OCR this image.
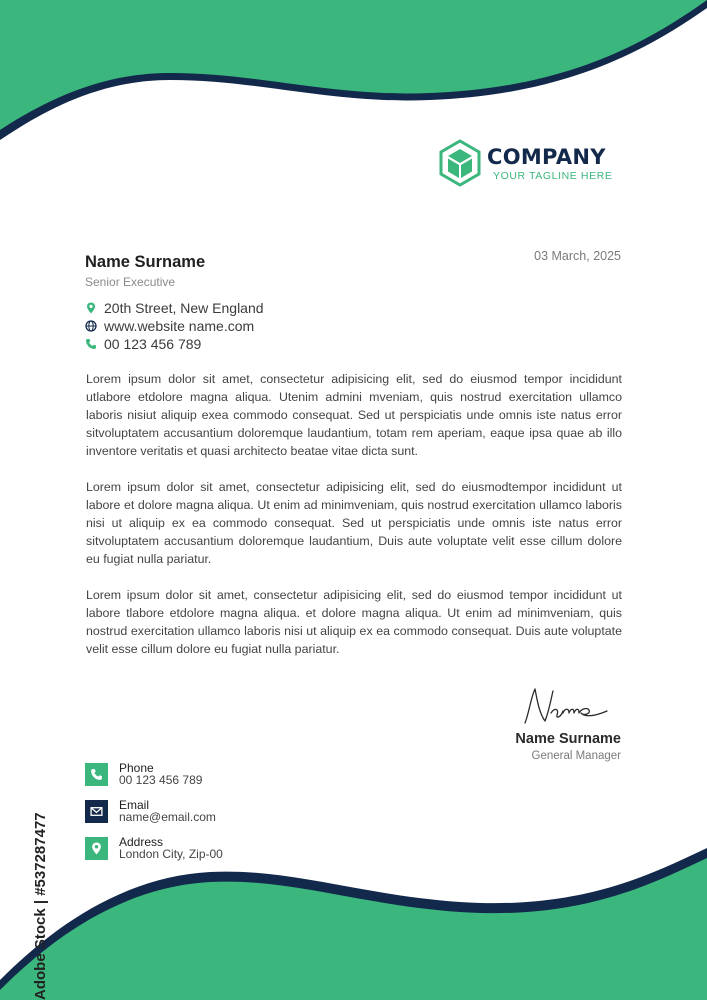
COMPANY
YOUR TAGLINE HERE
03 March, 2025
Name Surname
Senior Executive
20th Street, New England
www.website name.com
00 123 456 789

Lorem ipsum dolor sit amet, consectetur adipisicing elit, sed do eiusmod tempor incididunt utlabore etdolore magna aliqua. Utenim admini mveniam, quis nostrud exercitation ullamco laboris nisiut aliquip exea commodo consequat. Sed ut perspiciatis unde omnis iste natus error sitvoluptatem accusantium doloremque laudantium, totam rem aperiam, eaque ipsa quae ab illo inventore veritatis et quasi architecto beatae vitae dicta sunt.

Lorem ipsum dolor sit amet, consectetur adipisicing elit, sed do eiusmodtempor incididunt ut labore et dolore magna aliqua. Ut enim ad minimveniam, quis nostrud exercitation ullamco laboris nisi ut aliquip ex ea commodo consequat. Sed ut perspiciatis unde omnis iste natus error sitvoluptatem accusantium doloremque laudantium, Duis aute voluptate velit esse cillum dolore eu fugiat nulla pariatur.

Lorem ipsum dolor sit amet, consectetur adipisicing elit, sed do eiusmod tempor incididunt ut labore tlabore etdolore magna aliqua. et dolore magna aliqua. Ut enim ad minimveniam, quis nostrud exercitation ullamco laboris nisi ut aliquip ex ea commodo consequat. Duis aute voluptate velit esse cillum dolore eu fugiat nulla pariatur.

Name Surname
General Manager
Phone
00 123 456 789
Email
name@email.com
Address
London City, Zip-00
Adobe Stock | #537287477
